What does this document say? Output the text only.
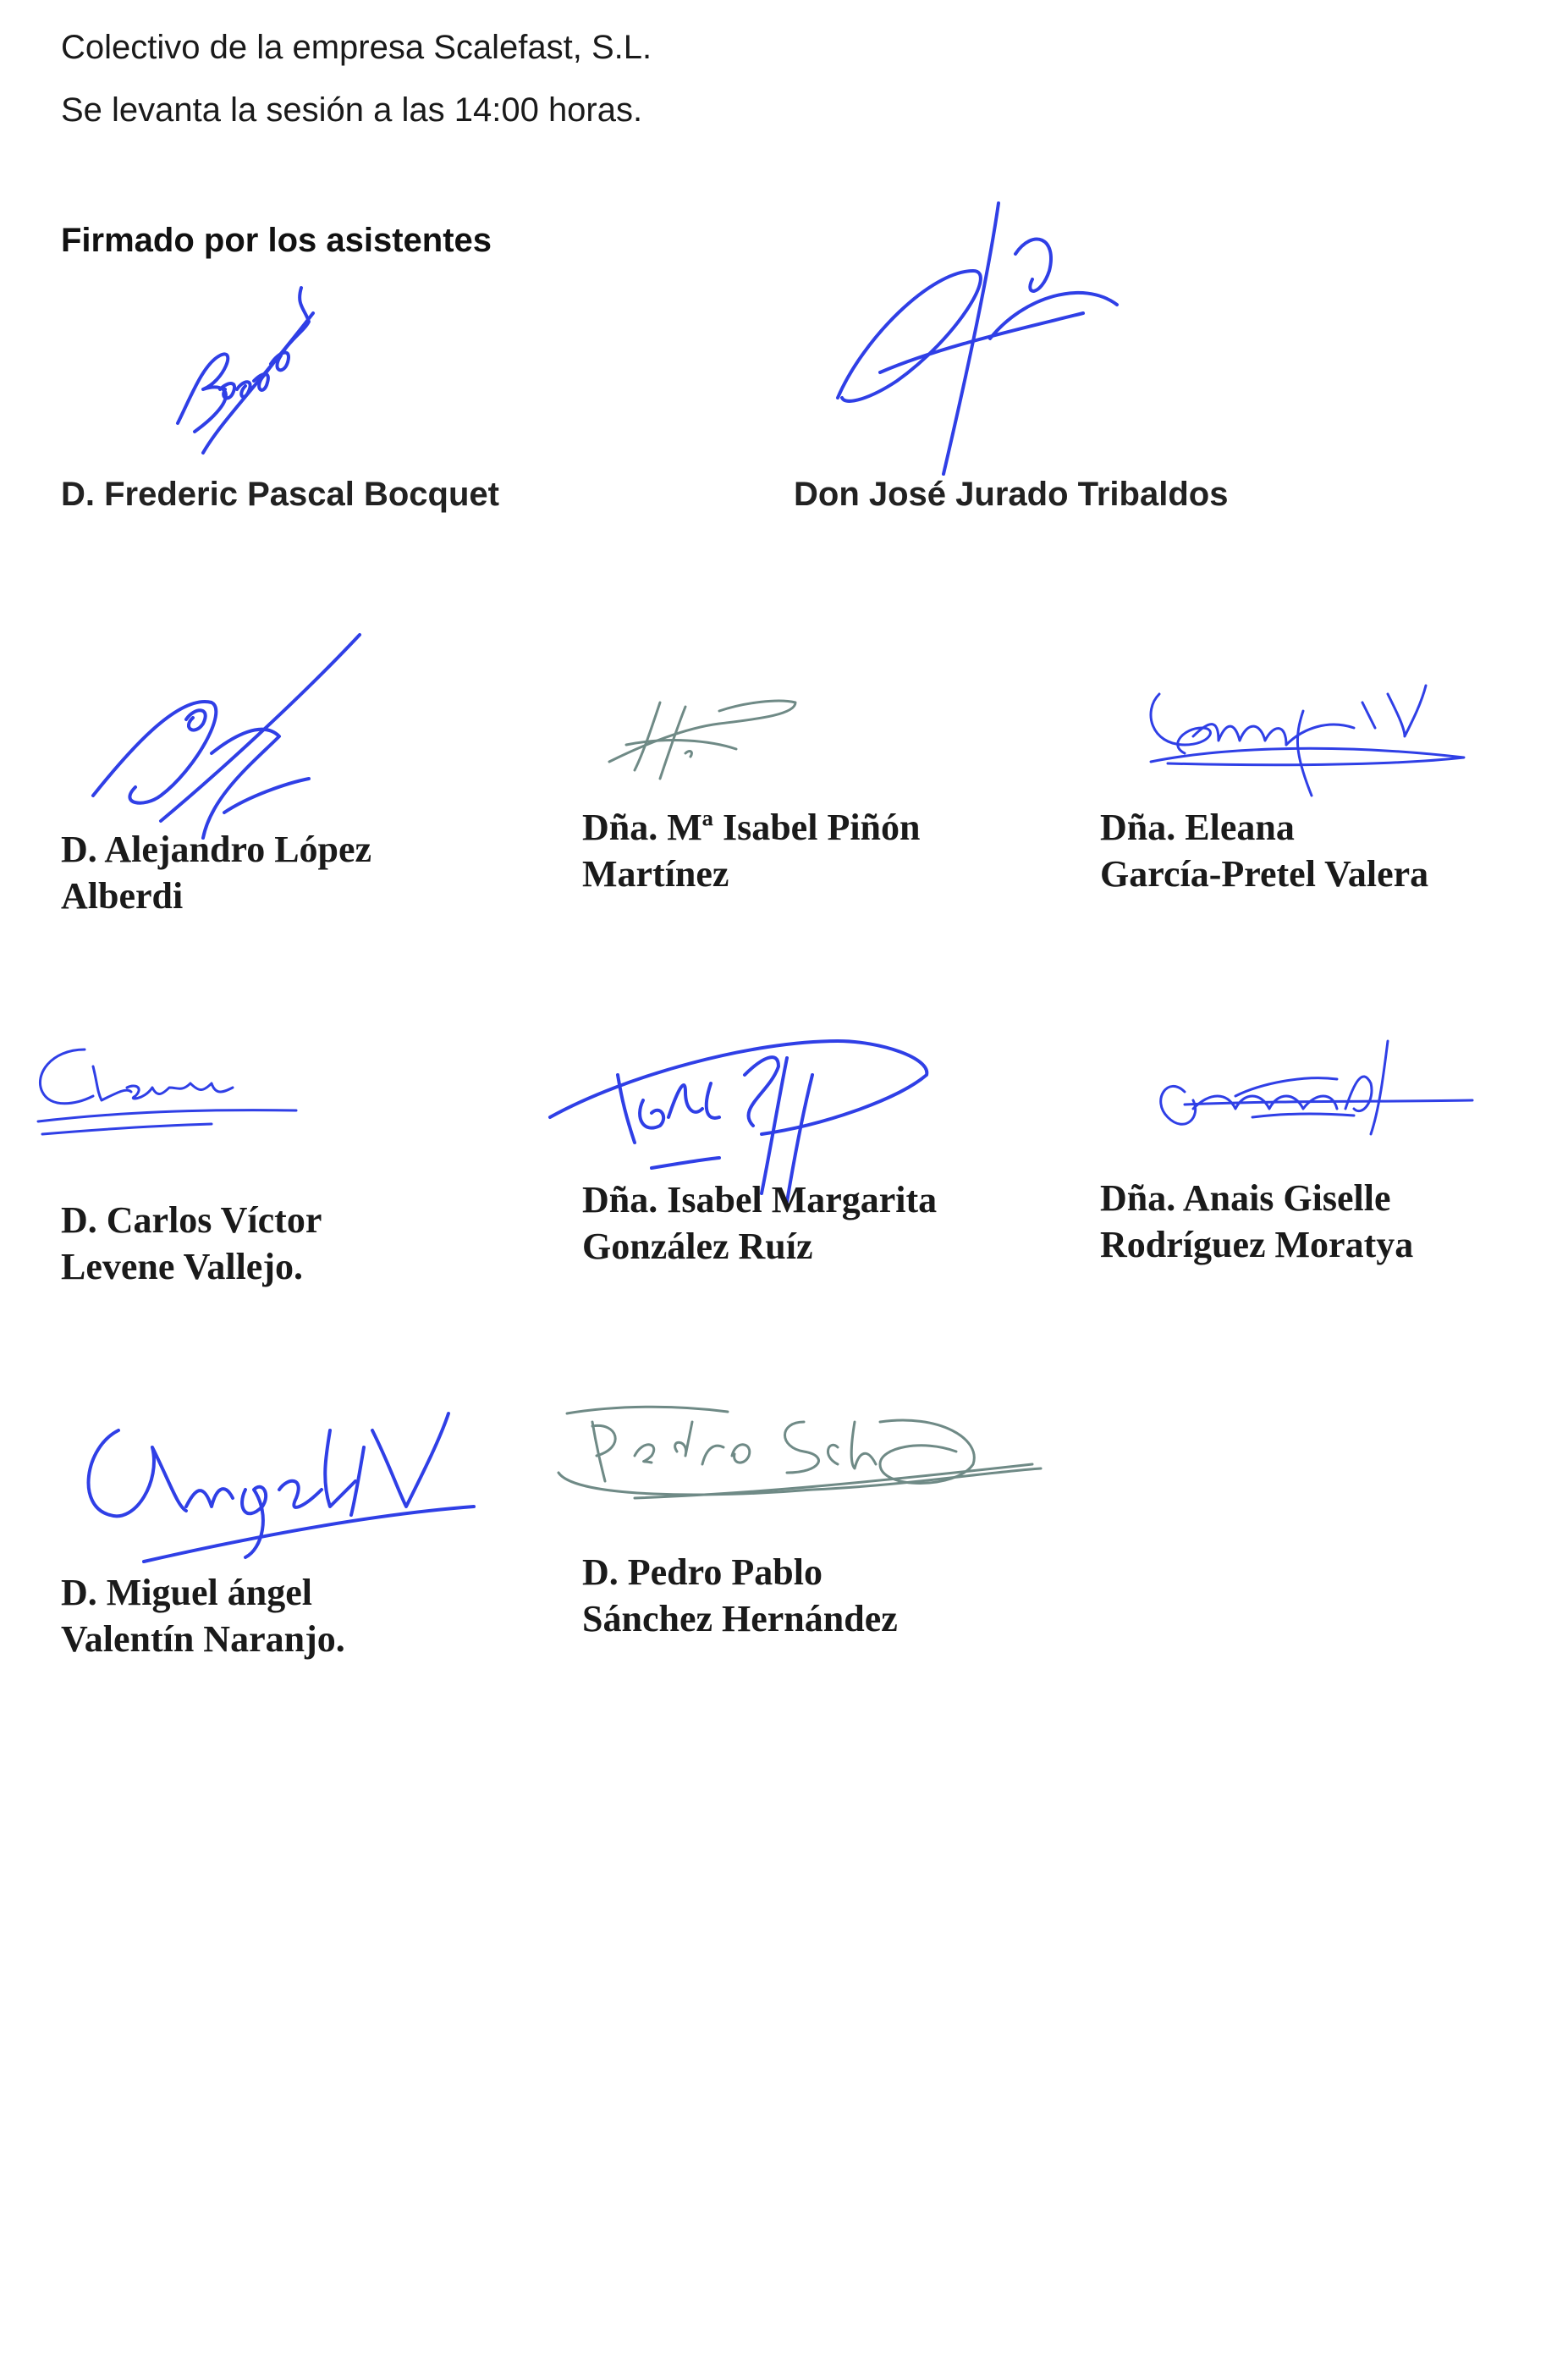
Colectivo de la empresa Scalefast, S.L.
Se levanta la sesión a las 14:00 horas.
Firmado por los asistentes
D. Frederic Pascal Bocquet	Don José Jurado Tribaldos
D. Alejandro López
Alberdi
Dña. Mª Isabel Piñón
Martínez
Dña. Eleana
García-Pretel Valera
D. Carlos Víctor
Levene Vallejo.
Dña. Isabel Margarita
González Ruíz
Dña. Anais Giselle
Rodríguez Moratya
D. Miguel ángel
Valentín Naranjo.
D. Pedro Pablo
Sánchez Hernández
